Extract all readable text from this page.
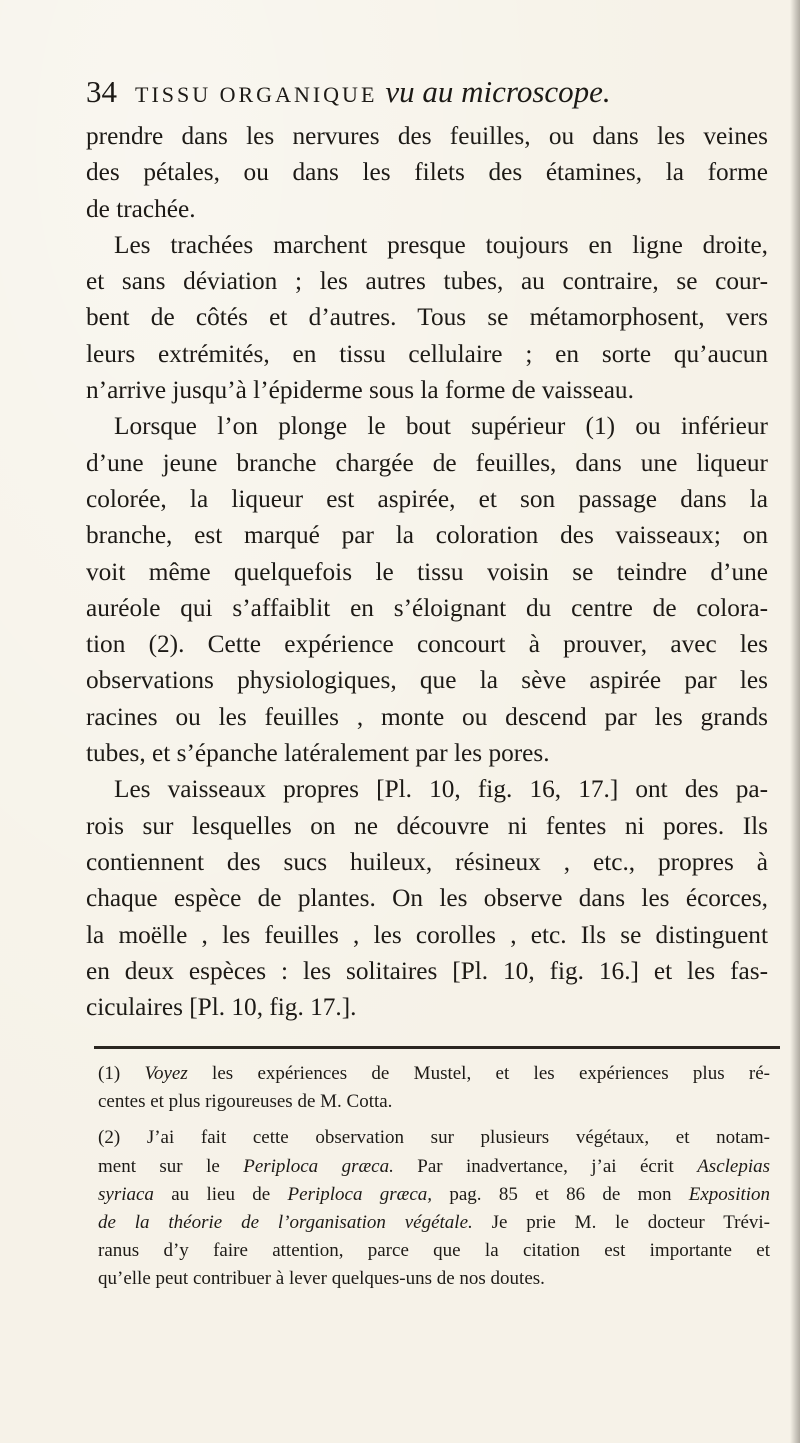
34 TISSU ORGANIQUE vu au microscope.
prendre dans les nervures des feuilles, ou dans les veines
des pétales, ou dans les filets des étamines, la forme
de trachée.
Les trachées marchent presque toujours en ligne droite,
et sans déviation ; les autres tubes, au contraire, se cour-
bent de côtés et d’autres. Tous se métamorphosent, vers
leurs extrémités, en tissu cellulaire ; en sorte qu’aucun
n’arrive jusqu’à l’épiderme sous la forme de vaisseau.
Lorsque l’on plonge le bout supérieur (1) ou inférieur
d’une jeune branche chargée de feuilles, dans une liqueur
colorée, la liqueur est aspirée, et son passage dans la
branche, est marqué par la coloration des vaisseaux; on
voit même quelquefois le tissu voisin se teindre d’une
auréole qui s’affaiblit en s’éloignant du centre de colora-
tion (2). Cette expérience concourt à prouver, avec les
observations physiologiques, que la sève aspirée par les
racines ou les feuilles , monte ou descend par les grands
tubes, et s’épanche latéralement par les pores.
Les vaisseaux propres [Pl. 10, fig. 16, 17.] ont des pa-
rois sur lesquelles on ne découvre ni fentes ni pores. Ils
contiennent des sucs huileux, résineux , etc., propres à
chaque espèce de plantes. On les observe dans les écorces,
la moëlle , les feuilles , les corolles , etc. Ils se distinguent
en deux espèces : les solitaires [Pl. 10, fig. 16.] et les fas-
ciculaires [Pl. 10, fig. 17.].
(1) Voyez les expériences de Mustel, et les expériences plus ré-
centes et plus rigoureuses de M. Cotta.
(2) J’ai fait cette observation sur plusieurs végétaux, et notam-
ment sur le Periploca græca. Par inadvertance, j’ai écrit Asclepias
syriaca au lieu de Periploca græca, pag. 85 et 86 de mon Exposition
de la théorie de l’organisation végétale. Je prie M. le docteur Trévi-
ranus d’y faire attention, parce que la citation est importante et
qu’elle peut contribuer à lever quelques-uns de nos doutes.
